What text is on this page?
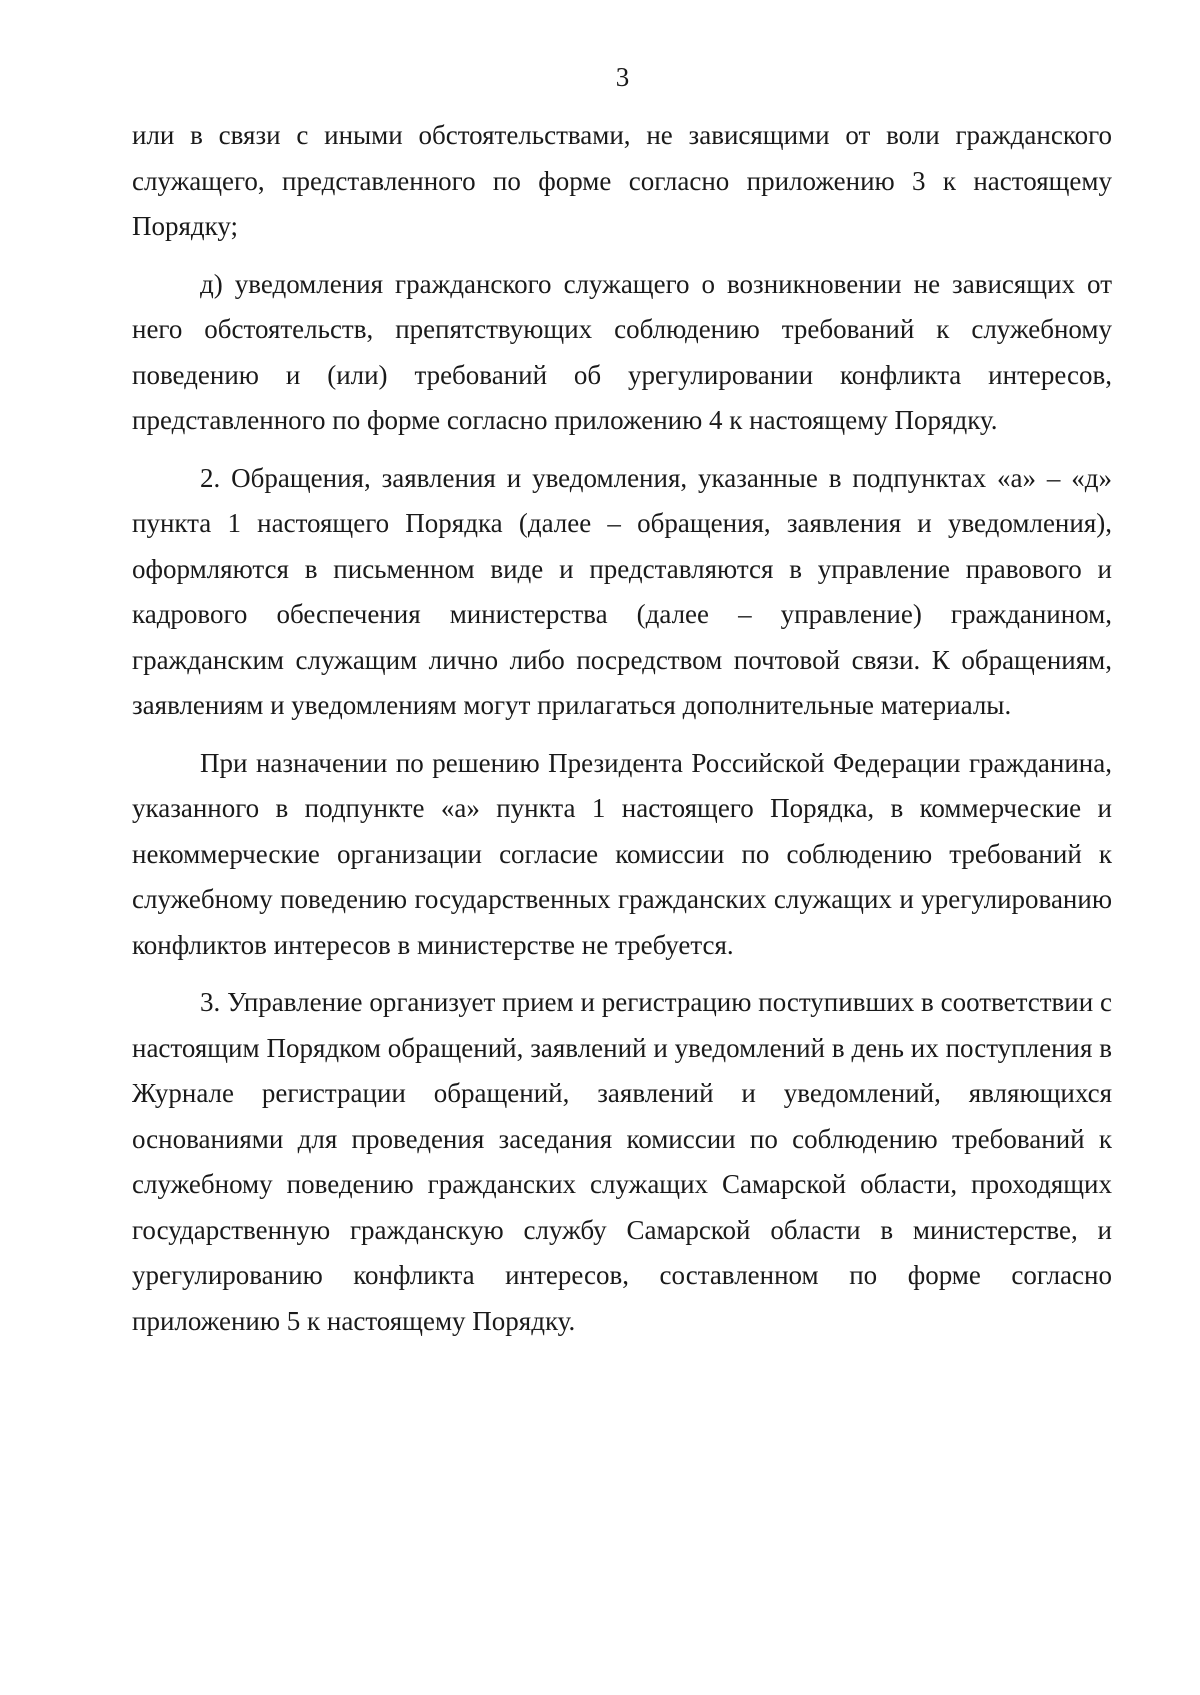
3

или в связи с иными обстоятельствами, не зависящими от воли гражданского служащего, представленного по форме согласно приложению 3 к настоящему Порядку;

д) уведомления гражданского служащего о возникновении не зависящих от него обстоятельств, препятствующих соблюдению требований к служебному поведению и (или) требований об урегулировании конфликта интересов, представленного по форме согласно приложению 4 к настоящему Порядку.

2. Обращения, заявления и уведомления, указанные в подпунктах «а» – «д» пункта 1 настоящего Порядка (далее – обращения, заявления и уведомления), оформляются в письменном виде и представляются в управление правового и кадрового обеспечения министерства (далее – управление) гражданином, гражданским служащим лично либо посредством почтовой связи. К обращениям, заявлениям и уведомлениям могут прилагаться дополнительные материалы.

При назначении по решению Президента Российской Федерации гражданина, указанного в подпункте «а» пункта 1 настоящего Порядка, в коммерческие и некоммерческие организации согласие комиссии по соблюдению требований к служебному поведению государственных гражданских служащих и урегулированию конфликтов интересов в министерстве не требуется.

3. Управление организует прием и регистрацию поступивших в соответствии с настоящим Порядком обращений, заявлений и уведомлений в день их поступления в Журнале регистрации обращений, заявлений и уведомлений, являющихся основаниями для проведения заседания комиссии по соблюдению требований к служебному поведению гражданских служащих Самарской области, проходящих государственную гражданскую службу Самарской области в министерстве, и урегулированию конфликта интересов, составленном по форме согласно приложению 5 к настоящему Порядку.
